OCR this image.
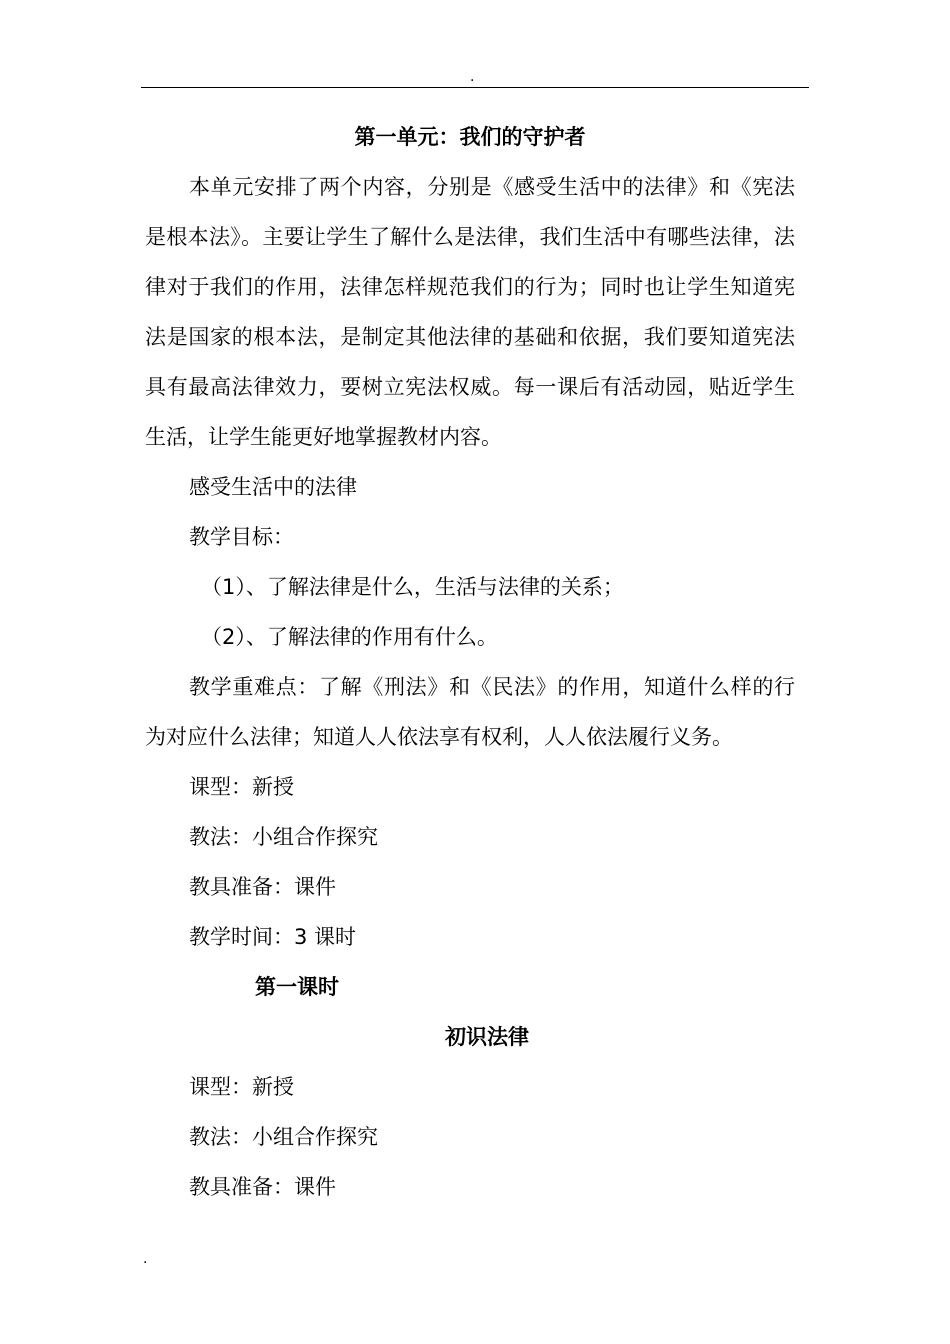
.

第一单元：我们的守护者

本单元安排了两个内容，分别是《感受生活中的法律》和《宪法是根本法》。主要让学生了解什么是法律，我们生活中有哪些法律，法律对于我们的作用，法律怎样规范我们的行为；同时也让学生知道宪法是国家的根本法，是制定其他法律的基础和依据，我们要知道宪法具有最高法律效力，要树立宪法权威。每一课后有活动园，贴近学生生活，让学生能更好地掌握教材内容。

感受生活中的法律

教学目标：

（1）、了解法律是什么，生活与法律的关系；

（2）、了解法律的作用有什么。

教学重难点：了解《刑法》和《民法》的作用，知道什么样的行为对应什么法律；知道人人依法享有权利，人人依法履行义务。

课型：新授

教法：小组合作探究

教具准备：课件

教学时间：3 课时

第一课时

初识法律

课型：新授

教法：小组合作探究

教具准备：课件

.
